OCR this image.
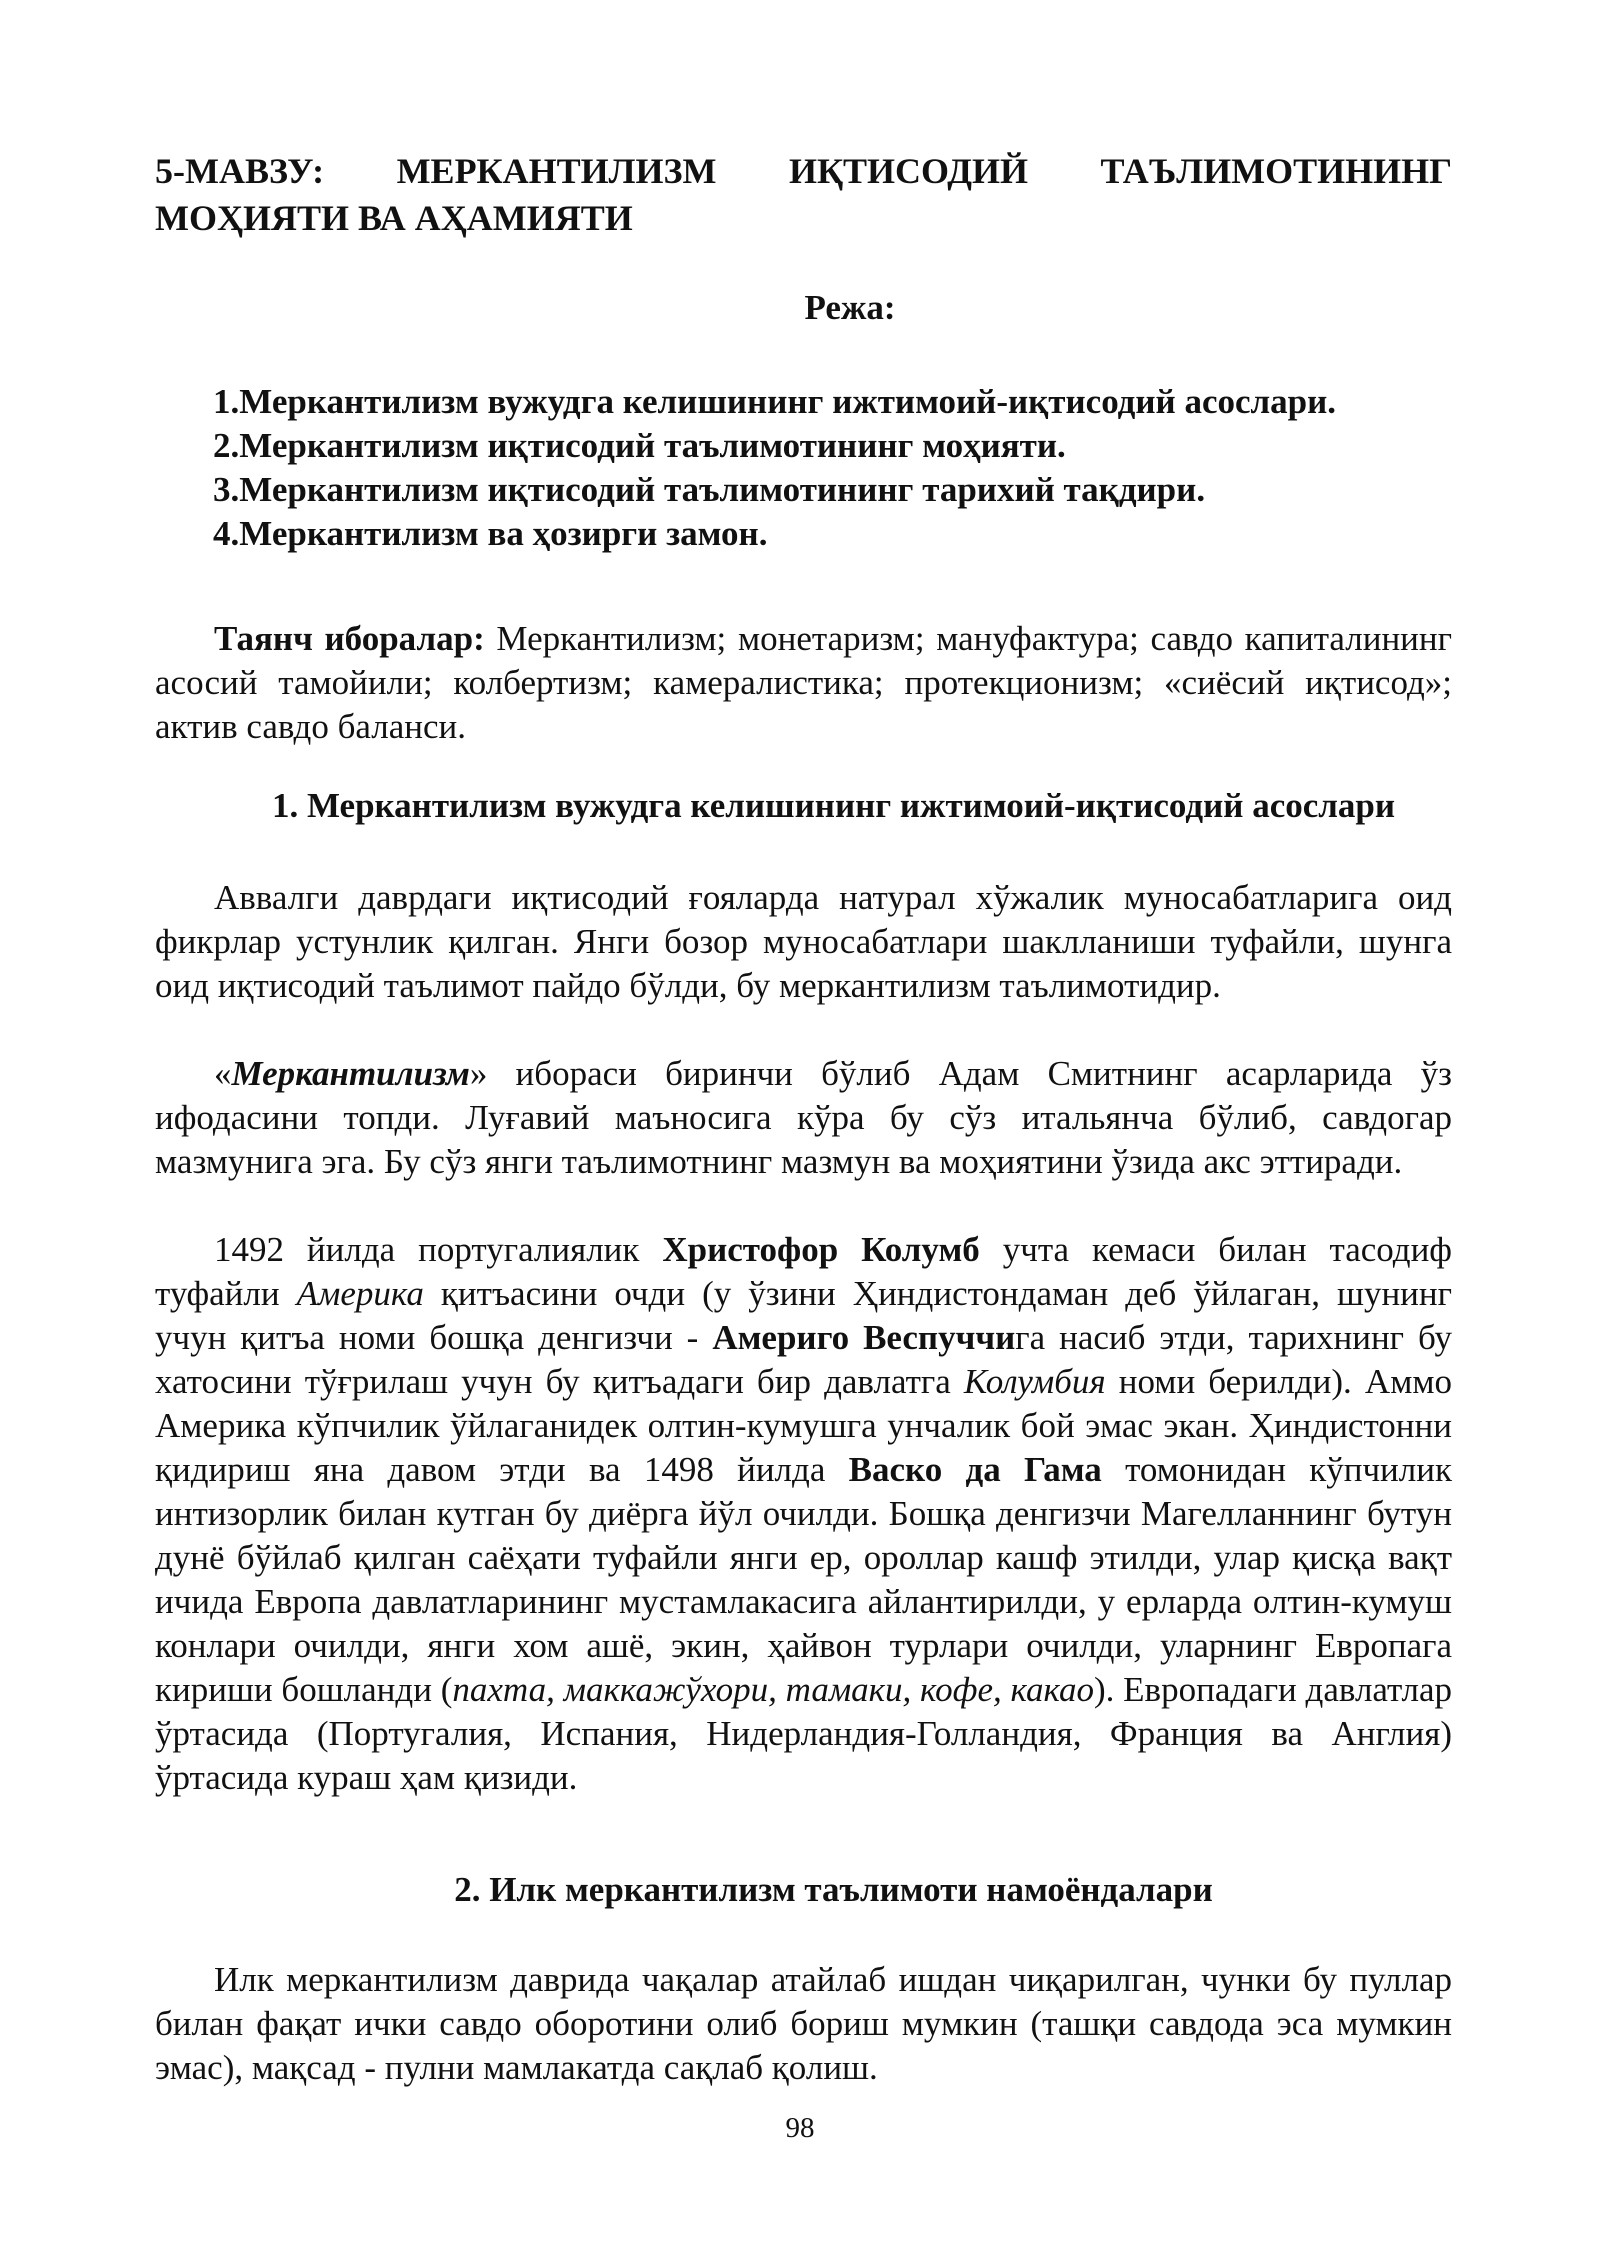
5-МАВЗУ: МЕРКАНТИЛИЗМ ИҚТИСОДИЙ ТАЪЛИМОТИНИНГ МОҲИЯТИ ВА АҲАМИЯТИ
Режа:
1.Меркантилизм вужудга келишининг ижтимоий-иқтисодий асослари.
2.Меркантилизм иқтисодий таълимотининг моҳияти.
3.Меркантилизм иқтисодий таълимотининг тарихий тақдири.
4.Меркантилизм ва ҳозирги замон.

Таянч иборалар: Меркантилизм; монетаризм; мануфактура; савдо капиталининг асосий тамойили; колбертизм; камералистика; протекционизм; «сиёсий иқтисод»; актив савдо баланси.

1. Меркантилизм вужудга келишининг ижтимоий-иқтисодий асослари

Аввалги даврдаги иқтисодий ғояларда натурал хўжалик муносабатларига оид фикрлар устунлик қилган. Янги бозор муносабатлари шаклланиши туфайли, шунга оид иқтисодий таълимот пайдо бўлди, бу меркантилизм таълимотидир.

«Меркантилизм» ибораси биринчи бўлиб Адам Смитнинг асарларида ўз ифодасини топди. Луғавий маъносига кўра бу сўз итальянча бўлиб, савдогар мазмунига эга. Бу сўз янги таълимотнинг мазмун ва моҳиятини ўзида акс эттиради.

1492 йилда португалиялик Христофор Колумб учта кемаси билан тасодиф туфайли Америка қитъасини очди (у ўзини Ҳиндистондаман деб ўйлаган, шунинг учун қитъа номи бошқа денгизчи - Америго Веспуччига насиб этди, тарихнинг бу хатосини тўғрилаш учун бу қитъадаги бир давлатга Колумбия номи берилди). Аммо Америка кўпчилик ўйлаганидек олтин-кумушга унчалик бой эмас экан. Ҳиндистонни қидириш яна давом этди ва 1498 йилда Васко да Гама томонидан кўпчилик интизорлик билан кутган бу диёрга йўл очилди. Бошқа денгизчи Магелланнинг бутун дунё бўйлаб қилган саёҳати туфайли янги ер, ороллар кашф этилди, улар қисқа вақт ичида Европа давлатларининг мустамлакасига айлантирилди, у ерларда олтин-кумуш конлари очилди, янги хом ашё, экин, ҳайвон турлари очилди, уларнинг Европага кириши бошланди (пахта, маккажўхори, тамаки, кофе, какао). Европадаги давлатлар ўртасида (Португалия, Испания, Нидерландия-Голландия, Франция ва Англия) ўртасида кураш ҳам қизиди.

2. Илк меркантилизм таълимоти намоёндалари

Илк меркантилизм даврида чақалар атайлаб ишдан чиқарилган, чунки бу пуллар билан фақат ички савдо оборотини олиб бориш мумкин (ташқи савдода эса мумкин эмас), мақсад - пулни мамлакатда сақлаб қолиш.

98
